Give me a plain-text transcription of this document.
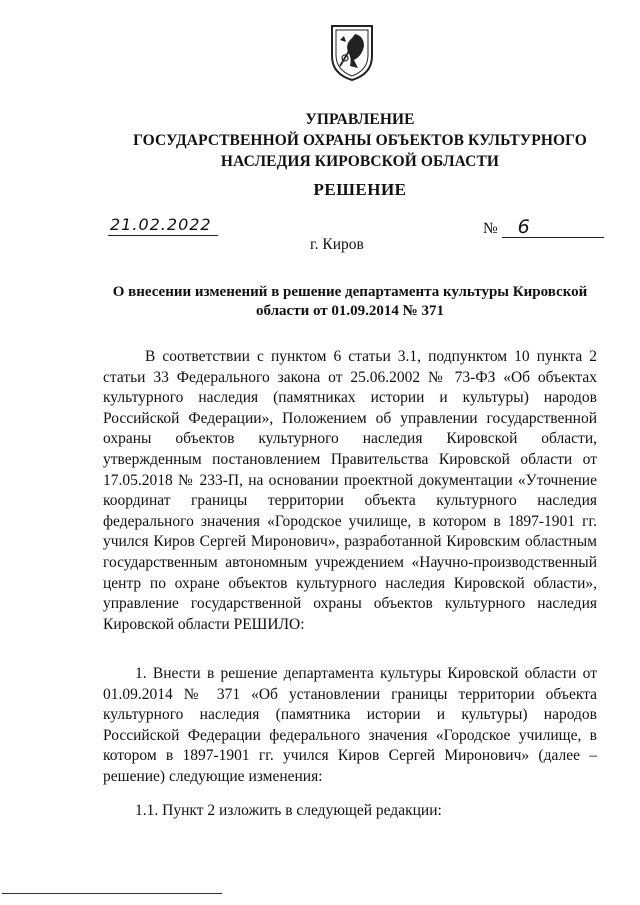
УПРАВЛЕНИЕ
ГОСУДАРСТВЕННОЙ ОХРАНЫ ОБЪЕКТОВ КУЛЬТУРНОГО
НАСЛЕДИЯ КИРОВСКОЙ ОБЛАСТИ
РЕШЕНИЕ
21.02.2022	№ 6
г. Киров
О внесении изменений в решение департамента культуры Кировской области от 01.09.2014 № 371
В соответствии с пунктом 6 статьи 3.1, подпунктом 10 пункта 2 статьи 33 Федерального закона от 25.06.2002 № 73-ФЗ «Об объектах культурного наследия (памятниках истории и культуры) народов Российской Федерации», Положением об управлении государственной охраны объектов культурного наследия Кировской области, утвержденным постановлением Правительства Кировской области от 17.05.2018 № 233-П, на основании проектной документации «Уточнение координат границы территории объекта культурного наследия федерального значения «Городское училище, в котором в 1897-1901 гг. учился Киров Сергей Миронович», разработанной Кировским областным государственным автономным учреждением «Научно-производственный центр по охране объектов культурного наследия Кировской области», управление государственной охраны объектов культурного наследия Кировской области РЕШИЛО:
1. Внести в решение департамента культуры Кировской области от 01.09.2014 № 371 «Об установлении границы территории объекта культурного наследия (памятника истории и культуры) народов Российской Федерации федерального значения «Городское училище, в котором в 1897-1901 гг. учился Киров Сергей Миронович» (далее – решение) следующие изменения:
1.1. Пункт 2 изложить в следующей редакции:
